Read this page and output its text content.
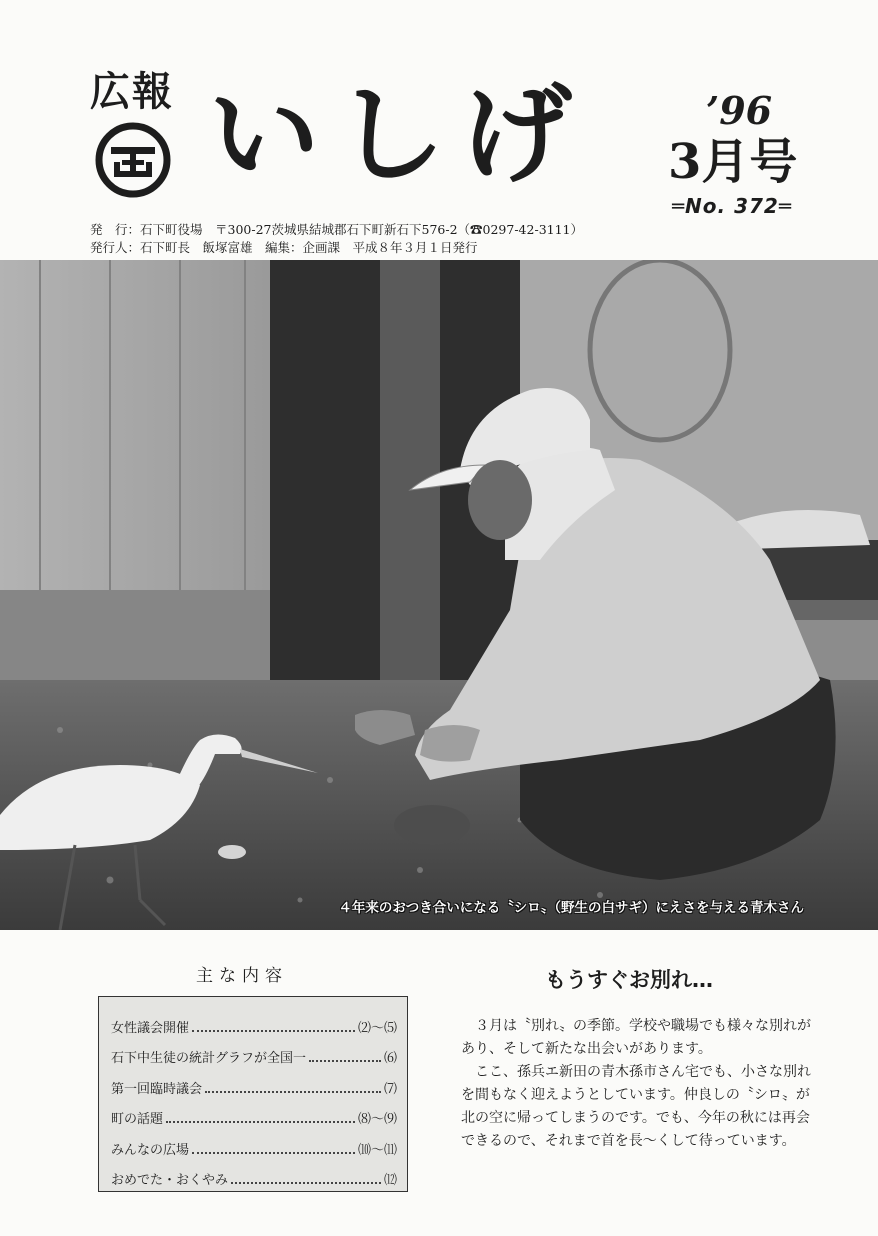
広報 いしげ	’96
3月号
═No. 372═
発　行：石下町役場　〒300-27茨城県結城郡石下町新石下576-2（☎0297-42-3111）
発行人：石下町長　飯塚富雄　編集：企画課　平成８年３月１日発行
４年来のおつき合いになる〝シロ〟（野生の白サギ）にえさを与える青木さん
主な内容
女性議会開催	⑵〜⑸
石下中生徒の統計グラフが全国一	⑹
第一回臨時議会	⑺
町の話題	⑻〜⑼
みんなの広場	⑽〜⑾
おめでた・おくやみ	⑿
もうすぐお別れ…

３月は〝別れ〟の季節。学校や職場でも様々な別れがあり、そして新たな出会いがあります。

ここ、孫兵エ新田の青木孫市さん宅でも、小さな別れを間もなく迎えようとしています。仲良しの〝シロ〟が北の空に帰ってしまうのです。でも、今年の秋には再会できるので、それまで首を長〜くして待っています。
